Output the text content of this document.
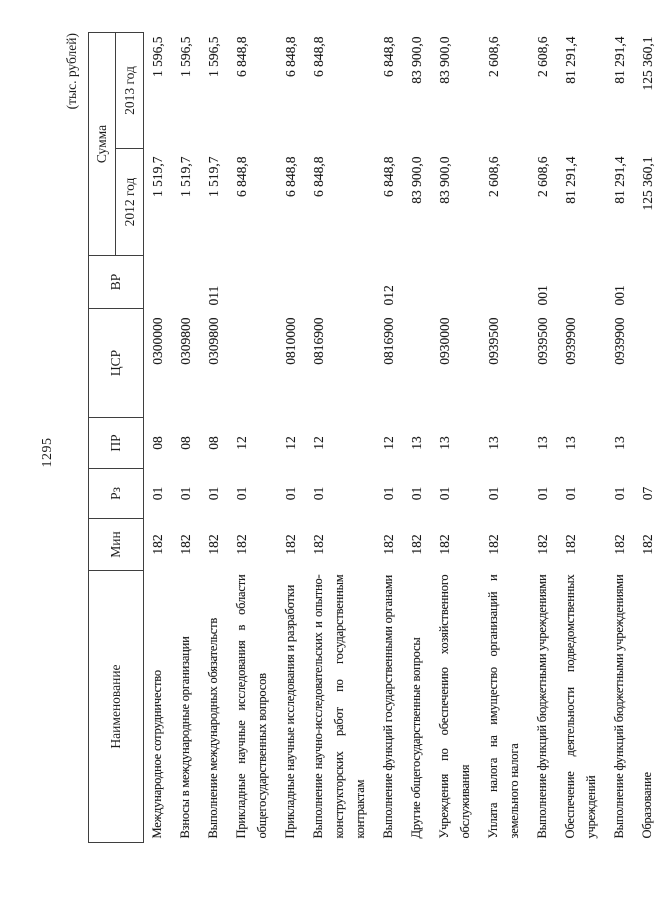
1295
(тыс. рублей)
Наименование	Мин	Рз	ПР	ЦСР	ВР	Сумма	
						2012 год	2013 год
Международное сотрудничество	182	01	08	0300000		1 519,7	1 596,5
Взносы в международные организации	182	01	08	0309800		1 519,7	1 596,5
Выполнение международных обязательств	182	01	08	0309800	011	1 519,7	1 596,5
Прикладные научные исследования в области общегосударственных вопросов	182	01	12			6 848,8	6 848,8
Прикладные научные исследования и разработки	182	01	12	0810000		6 848,8	6 848,8
Выполнение научно-исследовательских и опытно-конструкторских работ по государственным контрактам	182	01	12	0816900		6 848,8	6 848,8
Выполнение функций государственными органами	182	01	12	0816900	012	6 848,8	6 848,8
Другие общегосударственные вопросы	182	01	13			83 900,0	83 900,0
Учреждения по обеспечению хозяйственного обслуживания	182	01	13	0930000		83 900,0	83 900,0
Уплата налога на имущество организаций и земельного налога	182	01	13	0939500		2 608,6	2 608,6
Выполнение функций бюджетными учреждениями	182	01	13	0939500	001	2 608,6	2 608,6
Обеспечение деятельности подведомственных учреждений	182	01	13	0939900		81 291,4	81 291,4
Выполнение функций бюджетными учреждениями	182	01	13	0939900	001	81 291,4	81 291,4
Образование	182	07				125 360,1	125 360,1
